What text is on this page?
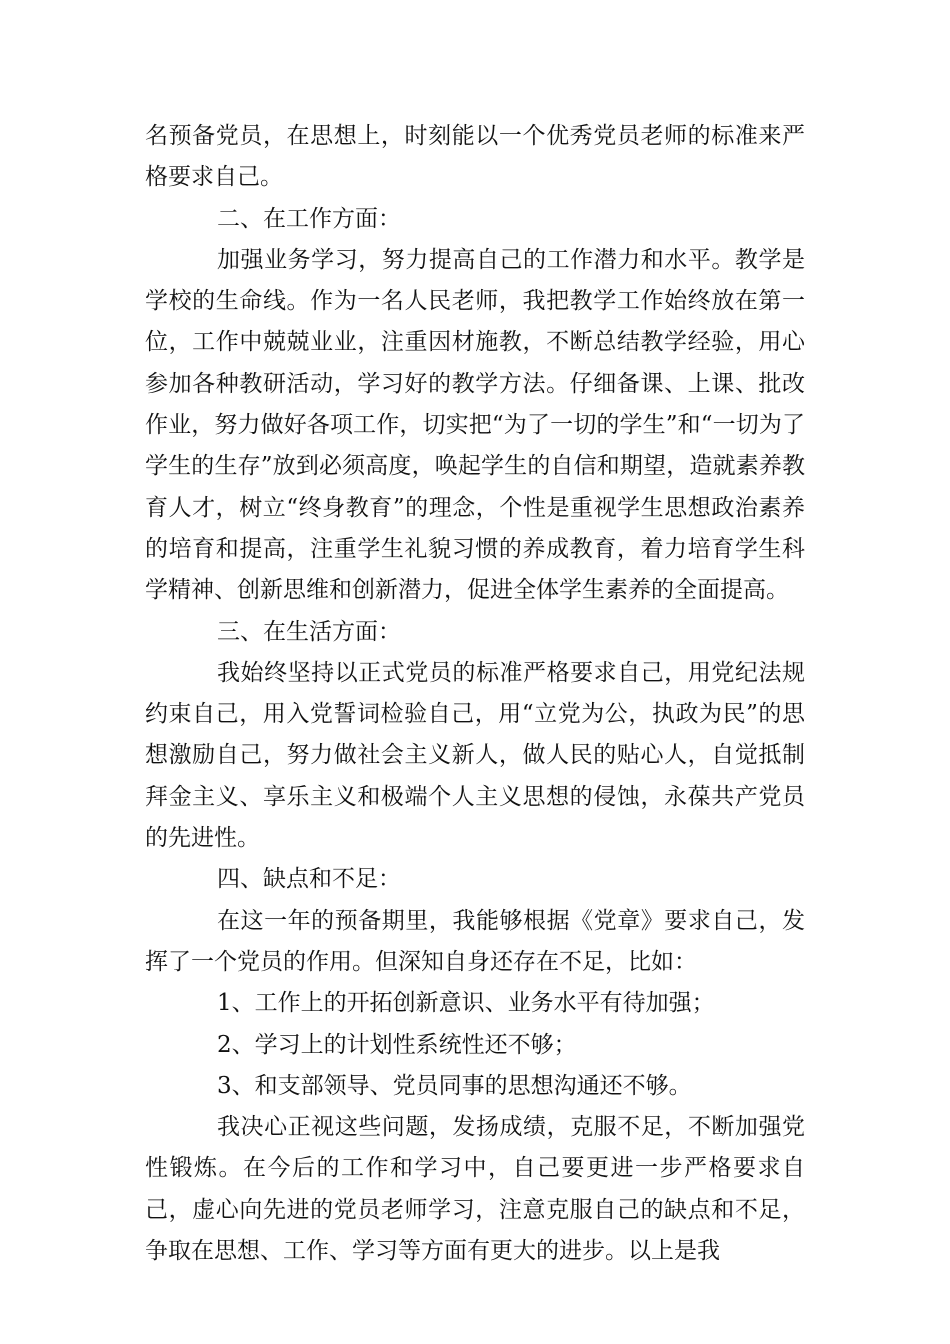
名预备党员，在思想上，时刻能以一个优秀党员老师的标准来严格要求自己。

二、在工作方面：

加强业务学习，努力提高自己的工作潜力和水平。教学是学校的生命线。作为一名人民老师，我把教学工作始终放在第一位，工作中兢兢业业，注重因材施教，不断总结教学经验，用心参加各种教研活动，学习好的教学方法。仔细备课、上课、批改作业，努力做好各项工作，切实把“为了一切的学生”和“一切为了学生的生存”放到必须高度，唤起学生的自信和期望，造就素养教育人才，树立“终身教育”的理念，个性是重视学生思想政治素养的培育和提高，注重学生礼貌习惯的养成教育，着力培育学生科学精神、创新思维和创新潜力，促进全体学生素养的全面提高。

三、在生活方面：

我始终坚持以正式党员的标准严格要求自己，用党纪法规约束自己，用入党誓词检验自己，用“立党为公，执政为民”的思想激励自己，努力做社会主义新人，做人民的贴心人，自觉抵制拜金主义、享乐主义和极端个人主义思想的侵蚀，永葆共产党员的先进性。

四、缺点和不足：

在这一年的预备期里，我能够根据《党章》要求自己，发挥了一个党员的作用。但深知自身还存在不足，比如：

1、工作上的开拓创新意识、业务水平有待加强；

2、学习上的计划性系统性还不够；

3、和支部领导、党员同事的思想沟通还不够。

我决心正视这些问题，发扬成绩，克服不足，不断加强党性锻炼。在今后的工作和学习中，自己要更进一步严格要求自己，虚心向先进的党员老师学习，注意克服自己的缺点和不足，争取在思想、工作、学习等方面有更大的进步。以上是我
